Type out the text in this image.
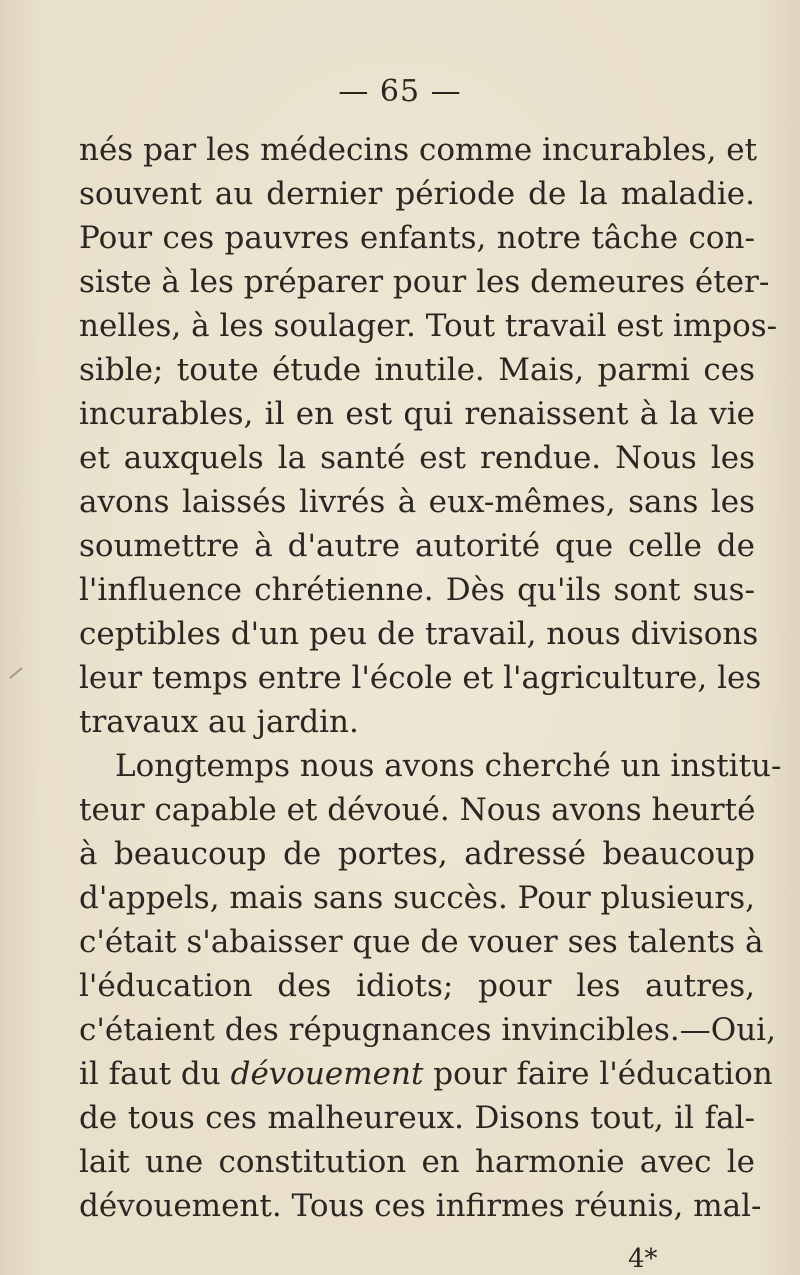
— 65 —
nés par les médecins comme incurables, et
souvent au dernier période de la maladie.
Pour ces pauvres enfants, notre tâche con-
siste à les préparer pour les demeures éter-
nelles, à les soulager. Tout travail est impos-
sible; toute étude inutile. Mais, parmi ces
incurables, il en est qui renaissent à la vie
et auxquels la santé est rendue. Nous les
avons laissés livrés à eux-mêmes, sans les
soumettre à d'autre autorité que celle de
l'influence chrétienne. Dès qu'ils sont sus-
ceptibles d'un peu de travail, nous divisons
leur temps entre l'école et l'agriculture, les
travaux au jardin.
Longtemps nous avons cherché un institu-
teur capable et dévoué. Nous avons heurté
à beaucoup de portes, adressé beaucoup
d'appels, mais sans succès. Pour plusieurs,
c'était s'abaisser que de vouer ses talents à
l'éducation des idiots; pour les autres,
c'étaient des répugnances invincibles.—Oui,
il faut du dévouement pour faire l'éducation
de tous ces malheureux. Disons tout, il fal-
lait une constitution en harmonie avec le
dévouement. Tous ces infirmes réunis, mal-
4*
